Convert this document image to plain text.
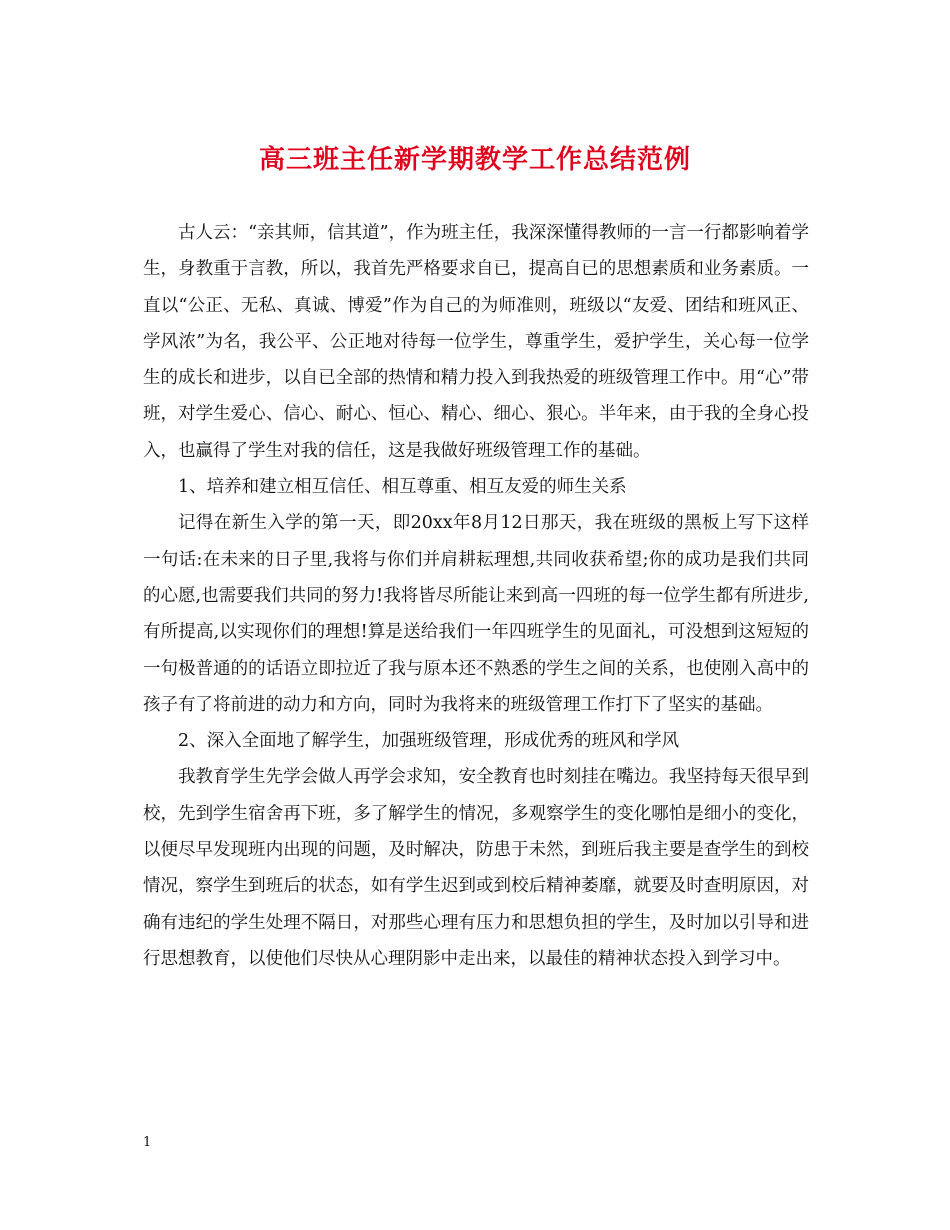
高三班主任新学期教学工作总结范例

古人云：“亲其师，信其道”，作为班主任，我深深懂得教师的一言一行都影响着学生，身教重于言教，所以，我首先严格要求自已，提高自已的思想素质和业务素质。一直以“公正、无私、真诚、博爱”作为自己的为师准则，班级以“友爱、团结和班风正、学风浓”为名，我公平、公正地对待每一位学生，尊重学生，爱护学生，关心每一位学生的成长和进步，以自已全部的热情和精力投入到我热爱的班级管理工作中。用“心”带班，对学生爱心、信心、耐心、恒心、精心、细心、狠心。半年来，由于我的全身心投入，也赢得了学生对我的信任，这是我做好班级管理工作的基础。

1、培养和建立相互信任、相互尊重、相互友爱的师生关系

记得在新生入学的第一天，即20xx年8月12日那天，我在班级的黑板上写下这样一句话:在未来的日子里,我将与你们并肩耕耘理想,共同收获希望;你的成功是我们共同的心愿,也需要我们共同的努力!我将皆尽所能让来到高一四班的每一位学生都有所进步,有所提高,以实现你们的理想!算是送给我们一年四班学生的见面礼，可没想到这短短的一句极普通的的话语立即拉近了我与原本还不熟悉的学生之间的关系，也使刚入高中的孩子有了将前进的动力和方向，同时为我将来的班级管理工作打下了坚实的基础。

2、深入全面地了解学生，加强班级管理，形成优秀的班风和学风

我教育学生先学会做人再学会求知，安全教育也时刻挂在嘴边。我坚持每天很早到校，先到学生宿舍再下班，多了解学生的情况，多观察学生的变化哪怕是细小的变化，以便尽早发现班内出现的问题，及时解决，防患于未然，到班后我主要是查学生的到校情况，察学生到班后的状态，如有学生迟到或到校后精神萎靡，就要及时查明原因，对确有违纪的学生处理不隔日，对那些心理有压力和思想负担的学生，及时加以引导和进行思想教育，以使他们尽快从心理阴影中走出来，以最佳的精神状态投入到学习中。

1
